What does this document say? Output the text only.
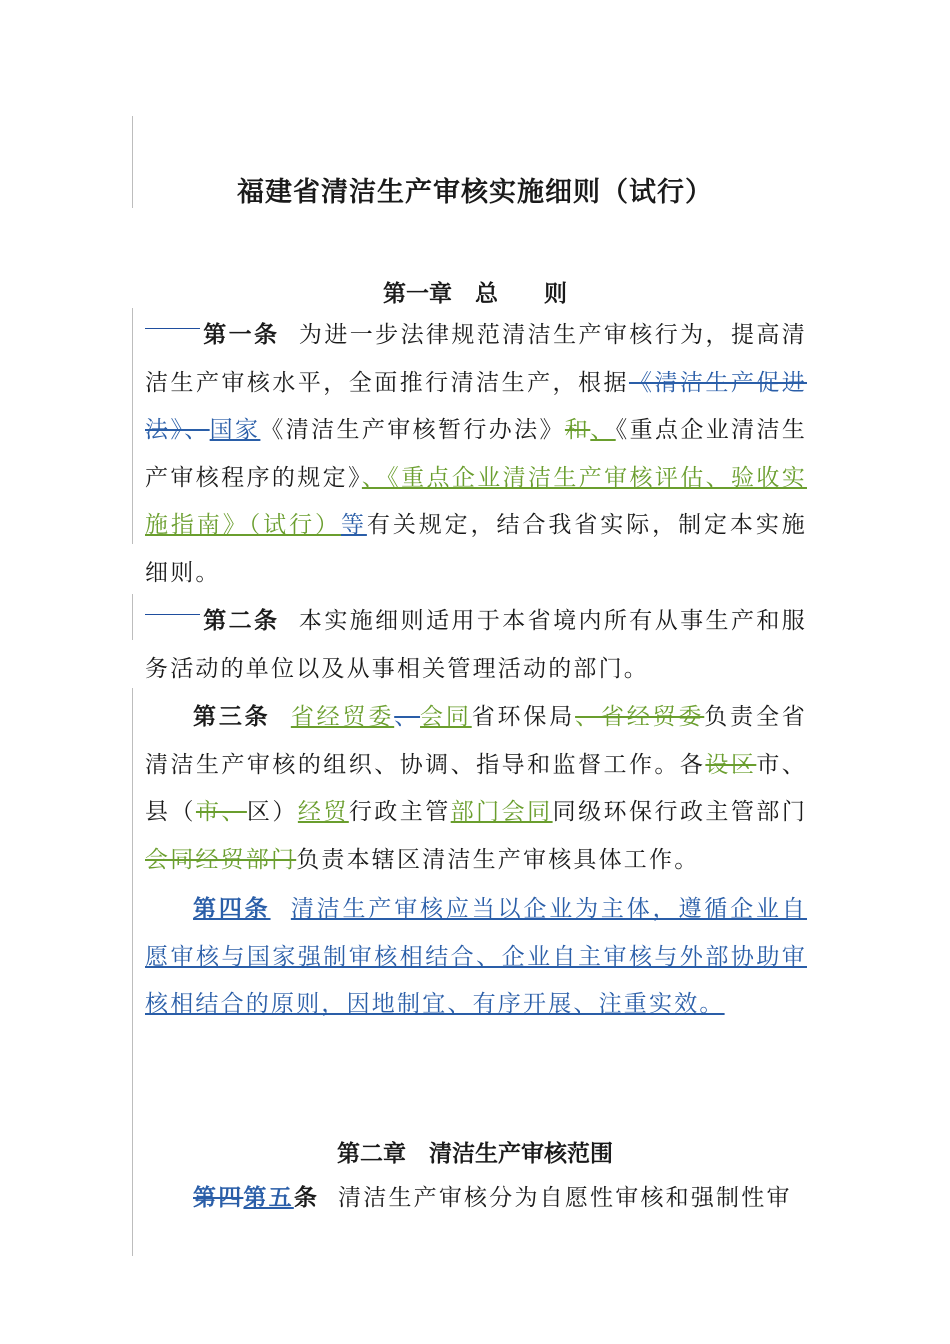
福建省清洁生产审核实施细则（试行）
第一章　总　　则

第一条 为进一步法律规范清洁生产审核行为，提高清洁生产审核水平，全面推行清洁生产，根据《清洁生产促进法》、国家《清洁生产审核暂行办法》和、《重点企业清洁生产审核程序的规定》、《重点企业清洁生产审核评估、验收实施指南》（试行）等有关规定，结合我省实际，制定本实施细则。

第二条 本实施细则适用于本省境内所有从事生产和服务活动的单位以及从事相关管理活动的部门。

第三条 省经贸委、会同省环保局、省经贸委负责全省清洁生产审核的组织、协调、指导和监督工作。各设区市、县（市、区）经贸行政主管部门会同同级环保行政主管部门会同经贸部门负责本辖区清洁生产审核具体工作。

第四条 清洁生产审核应当以企业为主体，遵循企业自愿审核与国家强制审核相结合、企业自主审核与外部协助审核相结合的原则，因地制宜、有序开展、注重实效。

第二章　清洁生产审核范围

第四第五条 清洁生产审核分为自愿性审核和强制性审
